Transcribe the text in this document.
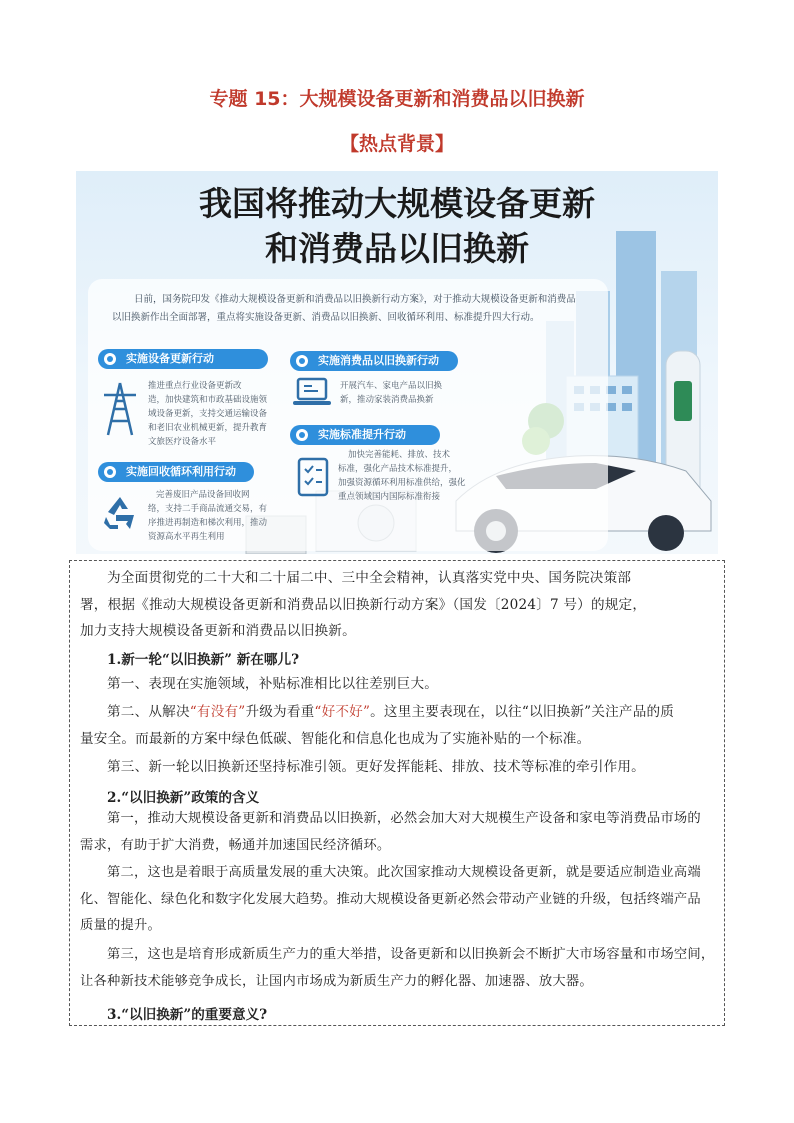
专题 15：大规模设备更新和消费品以旧换新
【热点背景】
我国将推动大规模设备更新
和消费品以旧换新
日前，国务院印发《推动大规模设备更新和消费品以旧换新行动方案》，对于推动大规模设备更新和消费品
以旧换新作出全面部署，重点将实施设备更新、消费品以旧换新、回收循环利用、标准提升四大行动。
实施设备更新行动
推进重点行业设备更新改
造，加快建筑和市政基础设施领
域设备更新，支持交通运输设备
和老旧农业机械更新，提升教育
文旅医疗设备水平
实施消费品以旧换新行动
开展汽车、家电产品以旧换
新，推动家装消费品换新
实施标准提升行动
加快完善能耗、排放、技术
标准，强化产品技术标准提升，
加强资源循环利用标准供给，强化
重点领域国内国际标准衔接
实施回收循环利用行动
完善废旧产品设备回收网
络，支持二手商品流通交易，有
序推进再制造和梯次利用，推动
资源高水平再生利用
为全面贯彻党的二十大和二十届二中、三中全会精神，认真落实党中央、国务院决策部
署，根据《推动大规模设备更新和消费品以旧换新行动方案》（国发〔2024〕7 号）的规定，
加力支持大规模设备更新和消费品以旧换新。
1.新一轮“以旧换新” 新在哪儿?
第一、表现在实施领域，补贴标准相比以往差别巨大。
第二、从解决“有没有”升级为看重“好不好”。这里主要表现在，以往“以旧换新”关注产品的质
量安全。而最新的方案中绿色低碳、智能化和信息化也成为了实施补贴的一个标准。
第三、新一轮以旧换新还坚持标准引领。更好发挥能耗、排放、技术等标准的牵引作用。
2.“以旧换新”政策的含义
第一，推动大规模设备更新和消费品以旧换新，必然会加大对大规模生产设备和家电等消费品市场的
需求，有助于扩大消费，畅通并加速国民经济循环。
第二，这也是着眼于高质量发展的重大决策。此次国家推动大规模设备更新，就是要适应制造业高端
化、智能化、绿色化和数字化发展大趋势。推动大规模设备更新必然会带动产业链的升级，包括终端产品
质量的提升。
第三，这也是培育形成新质生产力的重大举措，设备更新和以旧换新会不断扩大市场容量和市场空间，
让各种新技术能够竞争成长，让国内市场成为新质生产力的孵化器、加速器、放大器。
3.“以旧换新”的重要意义?
